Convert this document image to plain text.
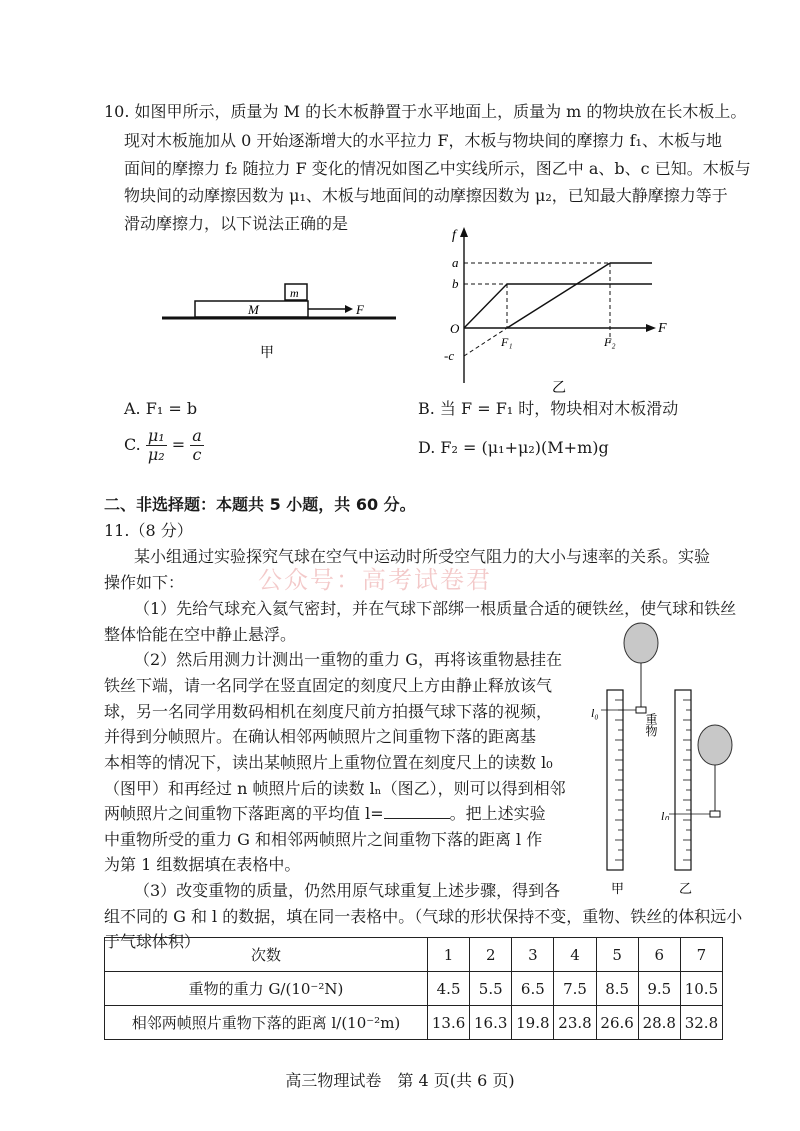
10. 如图甲所示，质量为 M 的长木板静置于水平地面上，质量为 m 的物块放在长木板上。
现对木板施加从 0 开始逐渐增大的水平拉力 F，木板与物块间的摩擦力 f₁、木板与地
面间的摩擦力 f₂ 随拉力 F 变化的情况如图乙中实线所示，图乙中 a、b、c 已知。木板与
物块间的动摩擦因数为 μ₁、木板与地面间的动摩擦因数为 μ₂，已知最大静摩擦力等于
滑动摩擦力，以下说法正确的是
m
M	F
甲
f
F
O
a
b
-c
F₁	F₂
乙
A. F₁ = b	B. 当 F = F₁ 时，物块相对木板滑动
C. $\frac{\text{μ₁}}{\text{μ₂}} = \frac{a}{c}$	D. F₂ = (μ₁+μ₂)(M+m)g
二、非选择题：本题共 5 小题，共 60 分。
11.（8 分）
某小组通过实验探究气球在空气中运动时所受空气阻力的大小与速率的关系。实验
操作如下：	公众号：高考试卷君
（1）先给气球充入氦气密封，并在气球下部绑一根质量合适的硬铁丝，使气球和铁丝
整体恰能在空中静止悬浮。
（2）然后用测力计测出一重物的重力 G，再将该重物悬挂在
铁丝下端，请一名同学在竖直固定的刻度尺上方由静止释放该气
球，另一名同学用数码相机在刻度尺前方拍摄气球下落的视频，
并得到分帧照片。在确认相邻两帧照片之间重物下落的距离基
本相等的情况下，读出某帧照片上重物位置在刻度尺上的读数 l₀
（图甲）和再经过 n 帧照片后的读数 lₙ（图乙），则可以得到相邻
两帧照片之间重物下落距离的平均值 l=	。把上述实验
中重物所受的重力 G 和相邻两帧照片之间重物下落的距离 l 作
为第 1 组数据填在表格中。
（3）改变重物的质量，仍然用原气球重复上述步骤，得到各
组不同的 G 和 l 的数据，填在同一表格中。（气球的形状保持不变，重物、铁丝的体积远小
于气球体积）
l₀	重物
甲
lₙ
乙
次数	1	2	3	4	5	6	7
重物的重力 G/(10⁻²N)	4.5	5.5	6.5	7.5	8.5	9.5	10.5
相邻两帧照片重物下落的距离 l/(10⁻²m)	13.6	16.3	19.8	23.8	26.6	28.8	32.8
高三物理试卷　第 4 页(共 6 页)
